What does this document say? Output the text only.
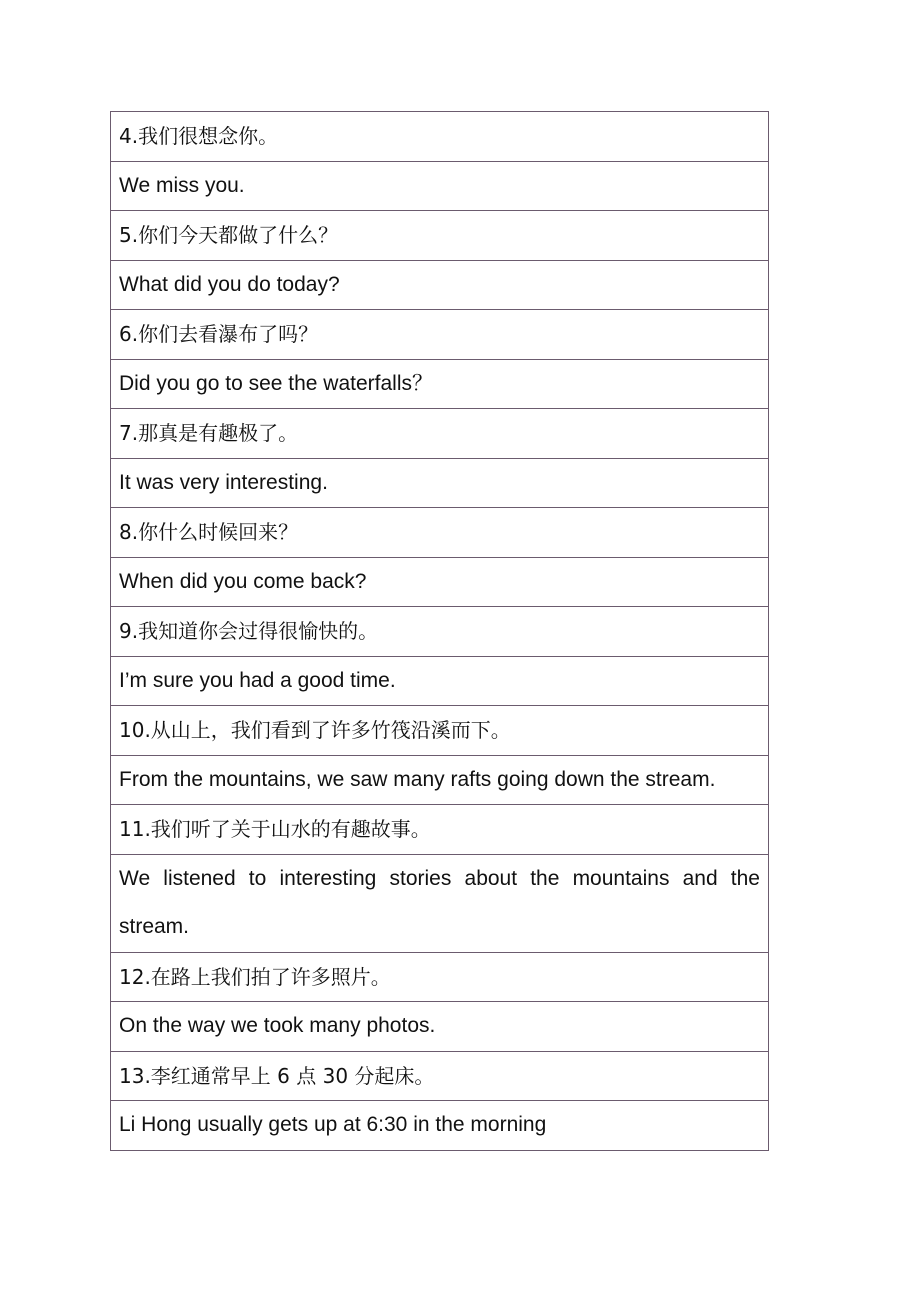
4.我们很想念你。
We miss you.
5.你们今天都做了什么？
What did you do today?
6.你们去看瀑布了吗？
Did you go to see the waterfalls？
7.那真是有趣极了。
It was very interesting.
8.你什么时候回来？
When did you come back?
9.我知道你会过得很愉快的。
I’m sure you had a good time.
10.从山上，我们看到了许多竹筏沿溪而下。
From the mountains, we saw many rafts going down the stream.
11.我们听了关于山水的有趣故事。
We listened to interesting stories about the mountains and the stream.
12.在路上我们拍了许多照片。
On the way we took many photos.
13.李红通常早上 6 点 30 分起床。
Li Hong usually gets up at 6:30 in the morning
